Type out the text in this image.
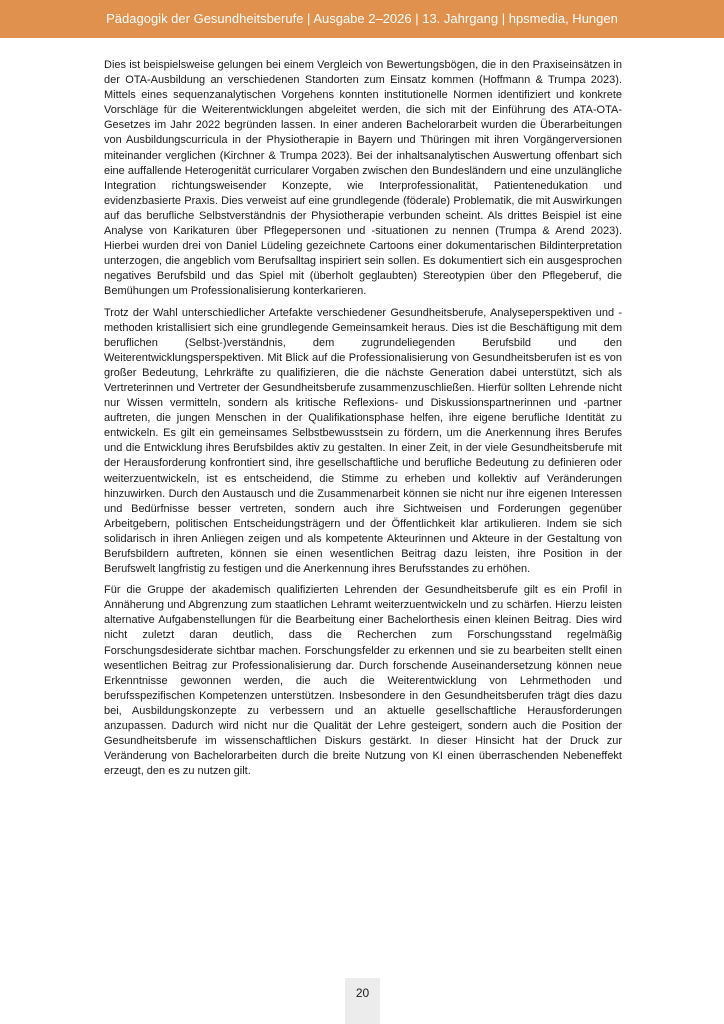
Pädagogik der Gesundheitsberufe | Ausgabe 2–2026 | 13. Jahrgang | hpsmedia, Hungen

Dies ist beispielsweise gelungen bei einem Vergleich von Bewertungsbögen, die in den Praxiseinsätzen in der OTA-Ausbildung an verschiedenen Standorten zum Einsatz kommen (Hoffmann & Trumpa 2023). Mittels eines sequenzanalytischen Vorgehens konnten institutionelle Normen identifiziert und konkrete Vorschläge für die Weiterentwicklungen abgeleitet werden, die sich mit der Einführung des ATA-OTA-Gesetzes im Jahr 2022 begründen lassen. In einer anderen Bachelorarbeit wurden die Überarbeitungen von Ausbildungscurricula in der Physiotherapie in Bayern und Thüringen mit ihren Vorgängerversionen miteinander verglichen (Kirchner & Trumpa 2023). Bei der inhaltsanalytischen Auswertung offenbart sich eine auffallende Heterogenität curricularer Vorgaben zwischen den Bundesländern und eine unzulängliche Integration richtungsweisender Konzepte, wie Interprofessionalität, Patientenedukation und evidenzbasierte Praxis. Dies verweist auf eine grundlegende (föderale) Problematik, die mit Auswirkungen auf das berufliche Selbstverständnis der Physiotherapie verbunden scheint. Als drittes Beispiel ist eine Analyse von Karikaturen über Pflegepersonen und -situationen zu nennen (Trumpa & Arend 2023). Hierbei wurden drei von Daniel Lüdeling gezeichnete Cartoons einer dokumentarischen Bildinterpretation unterzogen, die angeblich vom Berufsalltag inspiriert sein sollen. Es dokumentiert sich ein ausgesprochen negatives Berufsbild und das Spiel mit (überholt geglaubten) Stereotypien über den Pflegeberuf, die Bemühungen um Professionalisierung konterkarieren.

Trotz der Wahl unterschiedlicher Artefakte verschiedener Gesundheitsberufe, Analyseperspektiven und -methoden kristallisiert sich eine grundlegende Gemeinsamkeit heraus. Dies ist die Beschäftigung mit dem beruflichen (Selbst-)verständnis, dem zugrundeliegenden Berufsbild und den Weiterentwicklungsperspektiven. Mit Blick auf die Professionalisierung von Gesundheitsberufen ist es von großer Bedeutung, Lehrkräfte zu qualifizieren, die die nächste Generation dabei unterstützt, sich als Vertreterinnen und Vertreter der Gesundheitsberufe zusammenzuschließen. Hierfür sollten Lehrende nicht nur Wissen vermitteln, sondern als kritische Reflexions- und Diskussionspartnerinnen und -partner auftreten, die jungen Menschen in der Qualifikationsphase helfen, ihre eigene berufliche Identität zu entwickeln. Es gilt ein gemeinsames Selbstbewusstsein zu fördern, um die Anerkennung ihres Berufes und die Entwicklung ihres Berufsbildes aktiv zu gestalten. In einer Zeit, in der viele Gesundheitsberufe mit der Herausforderung konfrontiert sind, ihre gesellschaftliche und berufliche Bedeutung zu definieren oder weiterzuentwickeln, ist es entscheidend, die Stimme zu erheben und kollektiv auf Veränderungen hinzuwirken. Durch den Austausch und die Zusammenarbeit können sie nicht nur ihre eigenen Interessen und Bedürfnisse besser vertreten, sondern auch ihre Sichtweisen und Forderungen gegenüber Arbeitgebern, politischen Entscheidungsträgern und der Öffentlichkeit klar artikulieren. Indem sie sich solidarisch in ihren Anliegen zeigen und als kompetente Akteurinnen und Akteure in der Gestaltung von Berufsbildern auftreten, können sie einen wesentlichen Beitrag dazu leisten, ihre Position in der Berufswelt langfristig zu festigen und die Anerkennung ihres Berufsstandes zu erhöhen.

Für die Gruppe der akademisch qualifizierten Lehrenden der Gesundheitsberufe gilt es ein Profil in Annäherung und Abgrenzung zum staatlichen Lehramt weiterzuentwickeln und zu schärfen. Hierzu leisten alternative Aufgabenstellungen für die Bearbeitung einer Bachelorthesis einen kleinen Beitrag. Dies wird nicht zuletzt daran deutlich, dass die Recherchen zum Forschungsstand regelmäßig Forschungsdesiderate sichtbar machen. Forschungsfelder zu erkennen und sie zu bearbeiten stellt einen wesentlichen Beitrag zur Professionalisierung dar. Durch forschende Auseinandersetzung können neue Erkenntnisse gewonnen werden, die auch die Weiterentwicklung von Lehrmethoden und berufsspezifischen Kompetenzen unterstützen. Insbesondere in den Gesundheitsberufen trägt dies dazu bei, Ausbildungskonzepte zu verbessern und an aktuelle gesellschaftliche Herausforderungen anzupassen. Dadurch wird nicht nur die Qualität der Lehre gesteigert, sondern auch die Position der Gesundheitsberufe im wissenschaftlichen Diskurs gestärkt. In dieser Hinsicht hat der Druck zur Veränderung von Bachelorarbeiten durch die breite Nutzung von KI einen überraschenden Nebeneffekt erzeugt, den es zu nutzen gilt.

20
